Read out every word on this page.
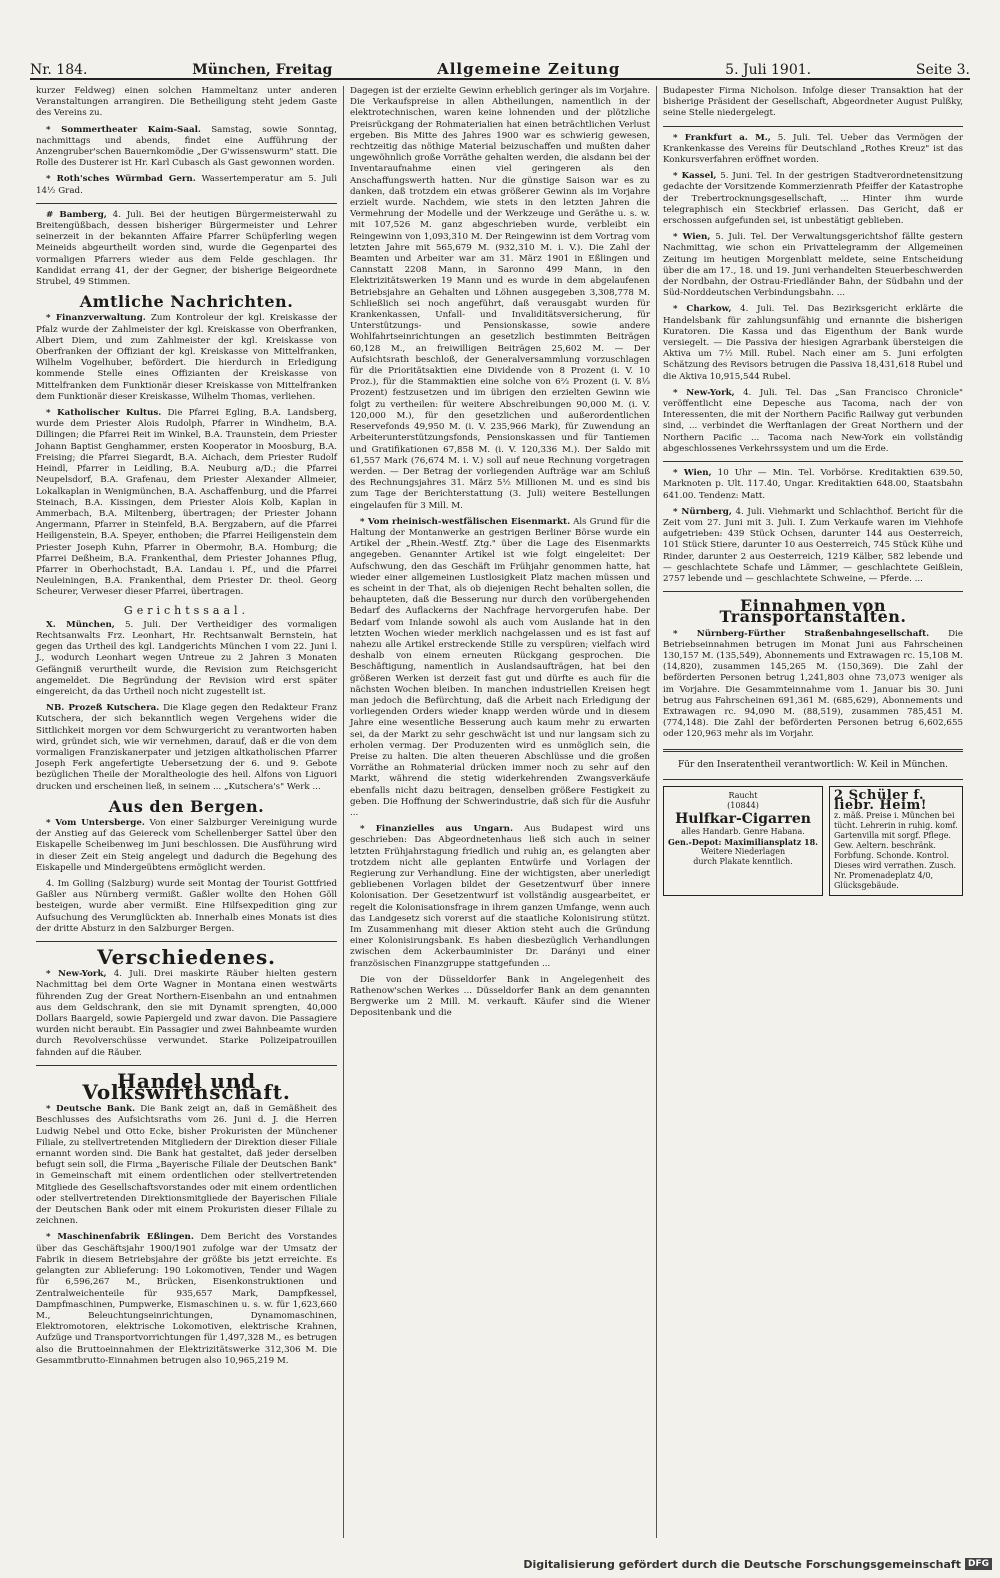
Nr. 184.	München, Freitag	Allgemeine Zeitung	5. Juli 1901.	Seite 3.

kurzer Feldweg) einen solchen Hammeltanz unter anderen Veranstaltungen arrangiren. Die Betheiligung steht jedem Gaste des Vereins zu.

* Sommertheater Kaim-Saal. Samstag, sowie Sonntag, nachmittags und abends, findet eine Aufführung der Anzengruber'schen Bauernkomödie „Der G'wissenswurm" statt. Die Rolle des Dusterer ist Hr. Karl Cubasch als Gast gewonnen worden.

* Roth'sches Würmbad Gern. Wassertemperatur am 5. Juli 14½ Grad.

# Bamberg, 4. Juli. Bei der heutigen Bürgermeisterwahl zu Breitengüßbach, dessen bisheriger Bürgermeister und Lehrer seinerzeit in der bekannten Affaire Pfarrer Schüpferling wegen Meineids abgeurtheilt worden sind, wurde die Gegenpartei des vormaligen Pfarrers wieder aus dem Felde geschlagen. Ihr Kandidat errang 41, der der Gegner, der bisherige Beigeordnete Strubel, 49 Stimmen.

Amtliche Nachrichten.

* Finanzverwaltung. Zum Kontroleur der kgl. Kreiskasse der Pfalz wurde der Zahlmeister der kgl. Kreiskasse von Oberfranken, Albert Diem, und zum Zahlmeister der kgl. Kreiskasse von Oberfranken der Offiziant der kgl. Kreiskasse von Mittelfranken, Wilhelm Vogelhuber, befördert. Die hierdurch in Erledigung kommende Stelle eines Offizianten der Kreiskasse von Mittelfranken dem Funktionär dieser Kreiskasse von Mittelfranken dem Funktionär dieser Kreiskasse, Wilhelm Thomas, verliehen.

* Katholischer Kultus. Die Pfarrei Egling, B.A. Landsberg, wurde dem Priester Alois Rudolph, Pfarrer in Windheim, B.A. Dillingen; die Pfarrei Reit im Winkel, B.A. Traunstein, dem Priester Johann Baptist Genghammer, ersten Kooperator in Moosburg, B.A. Freising; die Pfarrei Siegardt, B.A. Aichach, dem Priester Rudolf Heindl, Pfarrer in Leidling, B.A. Neuburg a/D.; die Pfarrei Neupelsdorf, B.A. Grafenau, dem Priester Alexander Allmeier, Lokalkaplan in Wenigmünchen, B.A. Aschaffenburg, und die Pfarrei Steinach, B.A. Kissingen, dem Priester Alois Kolb, Kaplan in Ammerbach, B.A. Miltenberg, übertragen; der Priester Johann Angermann, Pfarrer in Steinfeld, B.A. Bergzabern, auf die Pfarrei Heiligenstein, B.A. Speyer, enthoben; die Pfarrei Heiligenstein dem Priester Joseph Kuhn, Pfarrer in Obermohr, B.A. Homburg; die Pfarrei Deßheim, B.A. Frankenthal, dem Priester Johannes Pflug, Pfarrer in Oberhochstadt, B.A. Landau i. Pf., und die Pfarrei Neuleiningen, B.A. Frankenthal, dem Priester Dr. theol. Georg Scheurer, Verweser dieser Pfarrei, übertragen.

Gerichtssaal.

X. München, 5. Juli. Der Vertheidiger des vormaligen Rechtsanwalts Frz. Leonhart, Hr. Rechtsanwalt Bernstein, hat gegen das Urtheil des kgl. Landgerichts München I vom 22. Juni l. J., wodurch Leonhart wegen Untreue zu 2 Jahren 3 Monaten Gefängniß verurtheilt wurde, die Revision zum Reichsgericht angemeldet. Die Begründung der Revision wird erst später eingereicht, da das Urtheil noch nicht zugestellt ist.

NB. Prozeß Kutschera. Die Klage gegen den Redakteur Franz Kutschera, der sich bekanntlich wegen Vergehens wider die Sittlichkeit morgen vor dem Schwurgericht zu verantworten haben wird, gründet sich, wie wir vernehmen, darauf, daß er die von dem vormaligen Franziskanerpater und jetzigen altkatholischen Pfarrer Joseph Ferk angefertigte Uebersetzung der 6. und 9. Gebote bezüglichen Theile der Moraltheologie des heil. Alfons von Liguori drucken und erscheinen ließ, in seinem ... „Kutschera's" Werk ...

Aus den Bergen.

* Vom Untersberge. Von einer Salzburger Vereinigung wurde der Anstieg auf das Geiereck vom Schellenberger Sattel über den Eiskapelle Scheibenweg im Juni beschlossen. Die Ausführung wird in dieser Zeit ein Steig angelegt und dadurch die Begehung des Eiskapelle und Mindergeübtens ermöglicht werden.

4. Im Golling (Salzburg) wurde seit Montag der Tourist Gottfried Gaßler aus Nürnberg vermißt. Gaßler wollte den Hohen Göll besteigen, wurde aber vermißt. Eine Hilfsexpedition ging zur Aufsuchung des Verunglückten ab. Innerhalb eines Monats ist dies der dritte Absturz in den Salzburger Bergen.

Verschiedenes.

* New-York, 4. Juli. Drei maskirte Räuber hielten gestern Nachmittag bei dem Orte Wagner in Montana einen westwärts führenden Zug der Great Northern-Eisenbahn an und entnahmen aus dem Geldschrank, den sie mit Dynamit sprengten, 40,000 Dollars Baargeld, sowie Papiergeld und zwar davon. Die Passagiere wurden nicht beraubt. Ein Passagier und zwei Bahnbeamte wurden durch Revolverschüsse verwundet. Starke Polizeipatrouillen fahnden auf die Räuber.

Handel und Volkswirthschaft.

* Deutsche Bank. Die Bank zeigt an, daß in Gemäßheit des Beschlusses des Aufsichtsraths vom 26. Juni d. J. die Herren Ludwig Nebel und Otto Ecke, bisher Prokuristen der Münchener Filiale, zu stellvertretenden Mitgliedern der Direktion dieser Filiale ernannt worden sind. Die Bank hat gestaltet, daß jeder derselben befugt sein soll, die Firma „Bayerische Filiale der Deutschen Bank" in Gemeinschaft mit einem ordentlichen oder stellvertretenden Mitgliede des Gesellschaftsvorstandes oder mit einem ordentlichen oder stellvertretenden Direktionsmitgliede der Bayerischen Filiale der Deutschen Bank oder mit einem Prokuristen dieser Filiale zu zeichnen.

* Maschinenfabrik Eßlingen. Dem Bericht des Vorstandes über das Geschäftsjahr 1900/1901 zufolge war der Umsatz der Fabrik in diesem Betriebsjahre der größte bis jetzt erreichte. Es gelangten zur Ablieferung: 190 Lokomotiven, Tender und Wagen für 6,596,267 M., Brücken, Eisenkonstruktionen und Zentralweichenteile für 935,657 Mark, Dampfkessel, Dampfmaschinen, Pumpwerke, Eismaschinen u. s. w. für 1,623,660 M., Beleuchtungseinrichtungen, Dynamomaschinen, Elektromotoren, elektrische Lokomotiven, elektrische Krahnen, Aufzüge und Transportvorrichtungen für 1,497,328 M., es betrugen also die Bruttoeinnahmen der Elektrizitätswerke 312,306 M. Die Gesammtbrutto-Einnahmen betrugen also 10,965,219 M.

Dagegen ist der erzielte Gewinn erheblich geringer als im Vorjahre. Die Verkaufspreise in allen Abtheilungen, namentlich in der elektrotechnischen, waren keine lohnenden und der plötzliche Preisrückgang der Rohmaterialien hat einen beträchtlichen Verlust ergeben. Bis Mitte des Jahres 1900 war es schwierig gewesen, rechtzeitig das nöthige Material beizuschaffen und mußten daher ungewöhnlich große Vorräthe gehalten werden, die alsdann bei der Inventaraufnahme einen viel geringeren als den Anschaffungswerth hatten. Nur die günstige Saison war es zu danken, daß trotzdem ein etwas größerer Gewinn als im Vorjahre erzielt wurde. Nachdem, wie stets in den letzten Jahren die Vermehrung der Modelle und der Werkzeuge und Geräthe u. s. w. mit 107,526 M. ganz abgeschrieben wurde, verbleibt ein Reingewinn von 1,093,310 M. Der Reingewinn ist dem Vortrag vom letzten Jahre mit 565,679 M. (932,310 M. i. V.). Die Zahl der Beamten und Arbeiter war am 31. März 1901 in Eßlingen und Cannstatt 2208 Mann, in Saronno 499 Mann, in den Elektrizitätswerken 19 Mann und es wurde in dem abgelaufenen Betriebsjahre an Gehalten und Löhnen ausgegeben 3,308,778 M. Schließlich sei noch angeführt, daß verausgabt wurden für Krankenkassen, Unfall- und Invaliditätsversicherung, für Unterstützungs- und Pensionskasse, sowie andere Wohlfahrtseinrichtungen an gesetzlich bestimmten Beiträgen 60,128 M., an freiwilligen Beiträgen 25,602 M. — Der Aufsichtsrath beschloß, der Generalversammlung vorzuschlagen für die Prioritätsaktien eine Dividende von 8 Prozent (i. V. 10 Proz.), für die Stammaktien eine solche von 6⅔ Prozent (i. V. 8⅓ Prozent) festzusetzen und im übrigen den erzielten Gewinn wie folgt zu vertheilen: für weitere Abschreibungen 90,000 M. (i. V. 120,000 M.), für den gesetzlichen und außerordentlichen Reservefonds 49,950 M. (i. V. 235,966 Mark), für Zuwendung an Arbeiterunterstützungsfonds, Pensionskassen und für Tantiemen und Gratifikationen 67,858 M. (i. V. 120,336 M.). Der Saldo mit 61,557 Mark (76,674 M. i. V.) soll auf neue Rechnung vorgetragen werden. — Der Betrag der vorliegenden Aufträge war am Schluß des Rechnungsjahres 31. März 5½ Millionen M. und es sind bis zum Tage der Berichterstattung (3. Juli) weitere Bestellungen eingelaufen für 3 Mill. M.

* Vom rheinisch-westfälischen Eisenmarkt. Als Grund für die Haltung der Montanwerke an gestrigen Berliner Börse wurde ein Artikel der „Rhein.-Westf. Ztg." über die Lage des Eisenmarkts angegeben. Genannter Artikel ist wie folgt eingeleitet: Der Aufschwung, den das Geschäft im Frühjahr genommen hatte, hat wieder einer allgemeinen Lustlosigkeit Platz machen müssen und es scheint in der That, als ob diejenigen Recht behalten sollen, die behaupteten, daß die Besserung nur durch den vorübergehenden Bedarf des Auflackerns der Nachfrage hervorgerufen habe. Der Bedarf vom Inlande sowohl als auch vom Auslande hat in den letzten Wochen wieder merklich nachgelassen und es ist fast auf nahezu alle Artikel erstreckende Stille zu verspüren; vielfach wird deshalb von einem erneuten Rückgang gesprochen. Die Beschäftigung, namentlich in Auslandsaufträgen, hat bei den größeren Werken ist derzeit fast gut und dürfte es auch für die nächsten Wochen bleiben. In manchen industriellen Kreisen hegt man jedoch die Befürchtung, daß die Arbeit nach Erledigung der vorliegenden Orders wieder knapp werden würde und in diesem Jahre eine wesentliche Besserung auch kaum mehr zu erwarten sei, da der Markt zu sehr geschwächt ist und nur langsam sich zu erholen vermag. Der Produzenten wird es unmöglich sein, die Preise zu halten. Die alten theueren Abschlüsse und die großen Vorräthe an Rohmaterial drücken immer noch zu sehr auf den Markt, während die stetig widerkehrenden Zwangsverkäufe ebenfalls nicht dazu beitragen, denselben größere Festigkeit zu geben. Die Hoffnung der Schwerindustrie, daß sich für die Ausfuhr ...

* Finanzielles aus Ungarn. Aus Budapest wird uns geschrieben: Das Abgeordnetenhaus ließ sich auch in seiner letzten Frühjahrstagung friedlich und ruhig an, es gelangten aber trotzdem nicht alle geplanten Entwürfe und Vorlagen der Regierung zur Verhandlung. Eine der wichtigsten, aber unerledigt gebliebenen Vorlagen bildet der Gesetzentwurf über innere Kolonisation. Der Gesetzentwurf ist vollständig ausgearbeitet, er regelt die Kolonisationsfrage in ihrem ganzen Umfange, wenn auch das Landgesetz sich vorerst auf die staatliche Kolonisirung stützt. Im Zusammenhang mit dieser Aktion steht auch die Gründung einer Kolonisirungsbank. Es haben diesbezüglich Verhandlungen zwischen dem Ackerbauminister Dr. Darányi und einer französischen Finanzgruppe stattgefunden ...

Die von der Düsseldorfer Bank in Angelegenheit des Rathenow'schen Werkes ... Düsseldorfer Bank an dem genannten Bergwerke um 2 Mill. M. verkauft. Käufer sind die Wiener Depositenbank und die

Budapester Firma Nicholson. Infolge dieser Transaktion hat der bisherige Präsident der Gesellschaft, Abgeordneter August Pulßky, seine Stelle niedergelegt.

* Frankfurt a. M., 5. Juli. Tel. Ueber das Vermögen der Krankenkasse des Vereins für Deutschland „Rothes Kreuz" ist das Konkursverfahren eröffnet worden.

* Kassel, 5. Juni. Tel. In der gestrigen Stadtverordnetensitzung gedachte der Vorsitzende Kommerzienrath Pfeiffer der Katastrophe der Trebertrocknungsgesellschaft, ... Hinter ihm wurde telegraphisch ein Steckbrief erlassen. Das Gericht, daß er erschossen aufgefunden sei, ist unbestätigt geblieben.

* Wien, 5. Juli. Tel. Der Verwaltungsgerichtshof fällte gestern Nachmittag, wie schon ein Privattelegramm der Allgemeinen Zeitung im heutigen Morgenblatt meldete, seine Entscheidung über die am 17., 18. und 19. Juni verhandelten Steuerbeschwerden der Nordbahn, der Ostrau-Friedländer Bahn, der Südbahn und der Süd-Norddeutschen Verbindungsbahn. ...

* Charkow, 4. Juli. Tel. Das Bezirksgericht erklärte die Handelsbank für zahlungsunfähig und ernannte die bisherigen Kuratoren. Die Kassa und das Eigenthum der Bank wurde versiegelt. — Die Passiva der hiesigen Agrarbank übersteigen die Aktiva um 7½ Mill. Rubel. Nach einer am 5. Juni erfolgten Schätzung des Revisors betrugen die Passiva 18,431,618 Rubel und die Aktiva 10,915,544 Rubel.

* New-York, 4. Juli. Tel. Das „San Francisco Chronicle" veröffentlicht eine Depesche aus Tacoma, nach der von Interessenten, die mit der Northern Pacific Railway gut verbunden sind, ... verbindet die Werftanlagen der Great Northern und der Northern Pacific ... Tacoma nach New-York ein vollständig abgeschlossenes Verkehrssystem und um die Erde.

* Wien, 10 Uhr — Min. Tel. Vorbörse. Kreditaktien 639.50, Marknoten p. Ult. 117.40, Ungar. Kreditaktien 648.00, Staatsbahn 641.00. Tendenz: Matt.

* Nürnberg, 4. Juli. Viehmarkt und Schlachthof. Bericht für die Zeit vom 27. Juni mit 3. Juli. I. Zum Verkaufe waren im Viehhofe aufgetrieben: 439 Stück Ochsen, darunter 144 aus Oesterreich, 101 Stück Stiere, darunter 10 aus Oesterreich, 745 Stück Kühe und Rinder, darunter 2 aus Oesterreich, 1219 Kälber, 582 lebende und — geschlachtete Schafe und Lämmer, — geschlachtete Geißlein, 2757 lebende und — geschlachtete Schweine, — Pferde. ...

Einnahmen von Transportanstalten.

* Nürnberg-Fürther Straßenbahngesellschaft. Die Betriebseinnahmen betrugen im Monat Juni aus Fahrscheinen 130,157 M. (135,549), Abonnements und Extrawagen rc. 15,108 M. (14,820), zusammen 145,265 M. (150,369). Die Zahl der beförderten Personen betrug 1,241,803 ohne 73,073 weniger als im Vorjahre. Die Gesammteinnahme vom 1. Januar bis 30. Juni betrug aus Fahrscheinen 691,361 M. (685,629), Abonnements und Extrawagen rc. 94,090 M. (88,519), zusammen 785,451 M. (774,148). Die Zahl der beförderten Personen betrug 6,602,655 oder 120,963 mehr als im Vorjahr.

Für den Inseratentheil verantwortlich: W. Keil in München.
Raucht
(10844)
Hulfkar-Cigarren
alles Handarb. Genre Habana.
Gen.-Depot: Maximiliansplatz 18.
Weitere Niederlagen
durch Plakate kenntlich.
2 Schüler f. liebr. Heim!
z. mäß. Preise i. München bei tücht. Lehrerin in ruhig. komf. Gartenvilla mit sorgf. Pflege. Gew. Aeltern. beschränk. Forbfung. Schonde. Kontrol. Dieses wird verrathen. Zusch. Nr. Promenadeplatz 4/0, Glücksgebäude.
Digitalisierung gefördert durch die Deutsche Forschungsgemeinschaft DFG
